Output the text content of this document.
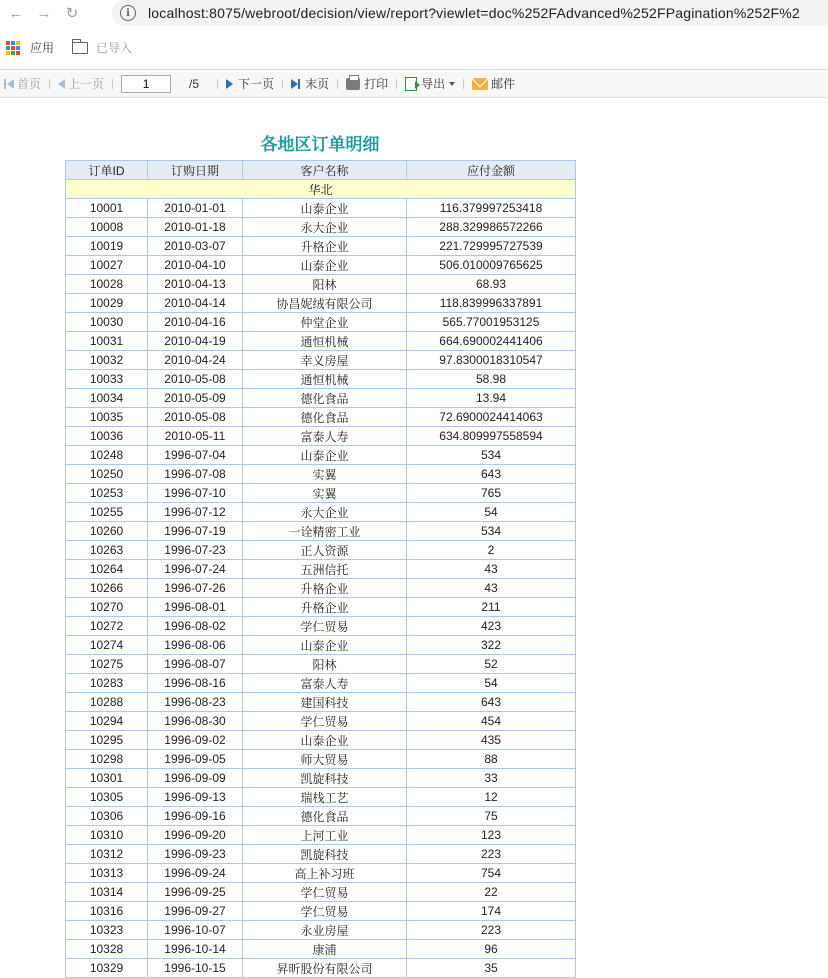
← → ↻	i	localhost:8075/webroot/decision/view/report?viewlet=doc%252FAdvanced%252FPagination%252F%2
应用	已导入
首页 上一页
1	/5	下一页	末页	打印	导出	邮件
各地区订单明细
订单ID	订购日期	客户名称	应付金额
华北			
10001	2010-01-01	山泰企业	116.379997253418
10008	2010-01-18	永大企业	288.329986572266
10019	2010-03-07	升格企业	221.729995727539
10027	2010-04-10	山泰企业	506.010009765625
10028	2010-04-13	阳林	68.93
10029	2010-04-14	协昌妮绒有限公司	118.839996337891
10030	2010-04-16	仲堂企业	565.77001953125
10031	2010-04-19	通恒机械	664.690002441406
10032	2010-04-24	幸义房屋	97.8300018310547
10033	2010-05-08	通恒机械	58.98
10034	2010-05-09	德化食品	13.94
10035	2010-05-08	德化食品	72.6900024414063
10036	2010-05-11	富泰人寿	634.809997558594
10248	1996-07-04	山泰企业	534
10250	1996-07-08	实翼	643
10253	1996-07-10	实翼	765
10255	1996-07-12	永大企业	54
10260	1996-07-19	一诠精密工业	534
10263	1996-07-23	正人资源	2
10264	1996-07-24	五洲信托	43
10266	1996-07-26	升格企业	43
10270	1996-08-01	升格企业	211
10272	1996-08-02	学仁贸易	423
10274	1996-08-06	山泰企业	322
10275	1996-08-07	阳林	52
10283	1996-08-16	富泰人寿	54
10288	1996-08-23	建国科技	643
10294	1996-08-30	学仁贸易	454
10295	1996-09-02	山泰企业	435
10298	1996-09-05	师大贸易	88
10301	1996-09-09	凯旋科技	33
10305	1996-09-13	瑞栈工艺	12
10306	1996-09-16	德化食品	75
10310	1996-09-20	上河工业	123
10312	1996-09-23	凯旋科技	223
10313	1996-09-24	高上补习班	754
10314	1996-09-25	学仁贸易	22
10316	1996-09-27	学仁贸易	174
10323	1996-10-07	永业房屋	223
10328	1996-10-14	康浦	96
10329	1996-10-15	昇昕股份有限公司	35
